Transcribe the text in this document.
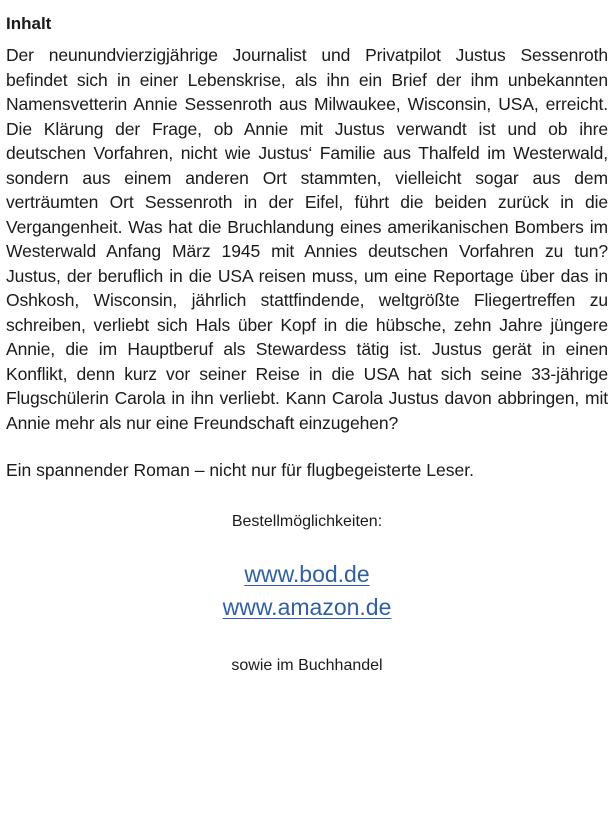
Inhalt

Der neunundvierzigjährige Journalist und Privatpilot Justus Sessenroth befindet sich in einer Lebenskrise, als ihn ein Brief der ihm unbekannten Namensvetterin Annie Sessenroth aus Milwaukee, Wisconsin, USA, erreicht. Die Klärung der Frage, ob Annie mit Justus verwandt ist und ob ihre deutschen Vorfahren, nicht wie Justus‘ Familie aus Thalfeld im Westerwald, sondern aus einem anderen Ort stammten, vielleicht sogar aus dem verträumten Ort Sessenroth in der Eifel, führt die beiden zurück in die Vergangenheit. Was hat die Bruchlandung eines amerikanischen Bombers im Westerwald Anfang März 1945 mit Annies deutschen Vorfahren zu tun? Justus, der beruflich in die USA reisen muss, um eine Reportage über das in Oshkosh, Wisconsin, jährlich stattfindende, weltgrößte Fliegertreffen zu schreiben, verliebt sich Hals über Kopf in die hübsche, zehn Jahre jüngere Annie, die im Hauptberuf als Stewardess tätig ist. Justus gerät in einen Konflikt, denn kurz vor seiner Reise in die USA hat sich seine 33-jährige Flugschülerin Carola in ihn verliebt. Kann Carola Justus davon abbringen, mit Annie mehr als nur eine Freundschaft einzugehen?

Ein spannender Roman – nicht nur für flugbegeisterte Leser.

Bestellmöglichkeiten:
www.bod.de
www.amazon.de
sowie im Buchhandel
